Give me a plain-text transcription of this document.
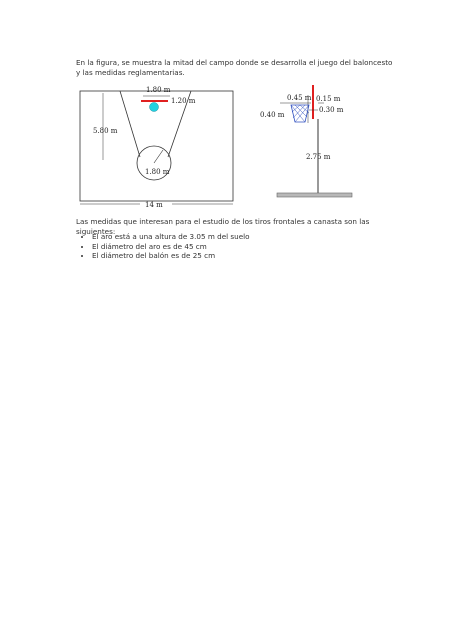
En la figura, se muestra la mitad del campo donde se desarrolla el juego del baloncesto y las medidas reglamentarias.
1.80 m
1.20 m
5.80 m
1.80 m
14 m
0.45 m 0.15 m
0.40 m
0.30 m
2.75 m
Las medidas que interesan para el estudio de los tiros frontales a canasta son las siguientes:
• El aro está a una altura de 3.05 m del suelo
• El diámetro del aro es de 45 cm
• El diámetro del balón es de 25 cm
